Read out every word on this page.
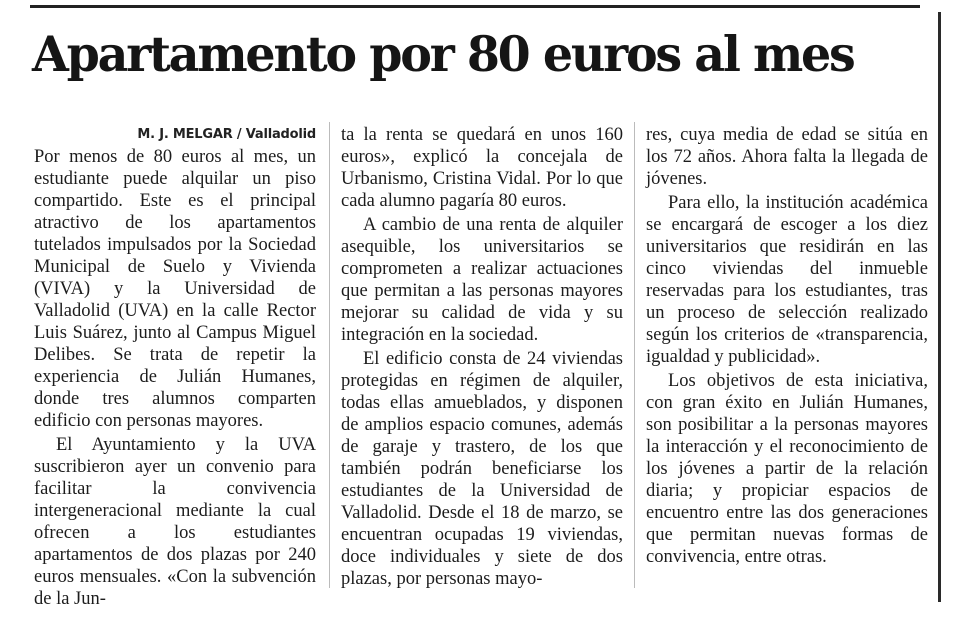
Apartamento por 80 euros al mes
M. J. MELGAR / Valladolid

Por menos de 80 euros al mes, un estudiante puede alquilar un piso compartido. Este es el principal atractivo de los apartamentos tutelados impulsados por la Sociedad Municipal de Suelo y Vivienda (VIVA) y la Universidad de Valladolid (UVA) en la calle Rector Luis Suárez, junto al Campus Miguel Delibes. Se trata de repetir la experiencia de Julián Humanes, donde tres alumnos comparten edificio con personas mayores.

El Ayuntamiento y la UVA suscribieron ayer un convenio para facilitar la convivencia intergeneracional mediante la cual ofrecen a los estudiantes apartamentos de dos plazas por 240 euros mensuales. «Con la subvención de la Jun-

ta la renta se quedará en unos 160 euros», explicó la concejala de Urbanismo, Cristina Vidal. Por lo que cada alumno pagaría 80 euros.

A cambio de una renta de alquiler asequible, los universitarios se comprometen a realizar actuaciones que permitan a las personas mayores mejorar su calidad de vida y su integración en la sociedad.

El edificio consta de 24 viviendas protegidas en régimen de alquiler, todas ellas amueblados, y disponen de amplios espacio comunes, además de garaje y trastero, de los que también podrán beneficiarse los estudiantes de la Universidad de Valladolid. Desde el 18 de marzo, se encuentran ocupadas 19 viviendas, doce individuales y siete de dos plazas, por personas mayo-

res, cuya media de edad se sitúa en los 72 años. Ahora falta la llegada de jóvenes.

Para ello, la institución académica se encargará de escoger a los diez universitarios que residirán en las cinco viviendas del inmueble reservadas para los estudiantes, tras un proceso de selección realizado según los criterios de «transparencia, igualdad y publicidad».

Los objetivos de esta iniciativa, con gran éxito en Julián Humanes, son posibilitar a la personas mayores la interacción y el reconocimiento de los jóvenes a partir de la relación diaria; y propiciar espacios de encuentro entre las dos generaciones que permitan nuevas formas de convivencia, entre otras.
